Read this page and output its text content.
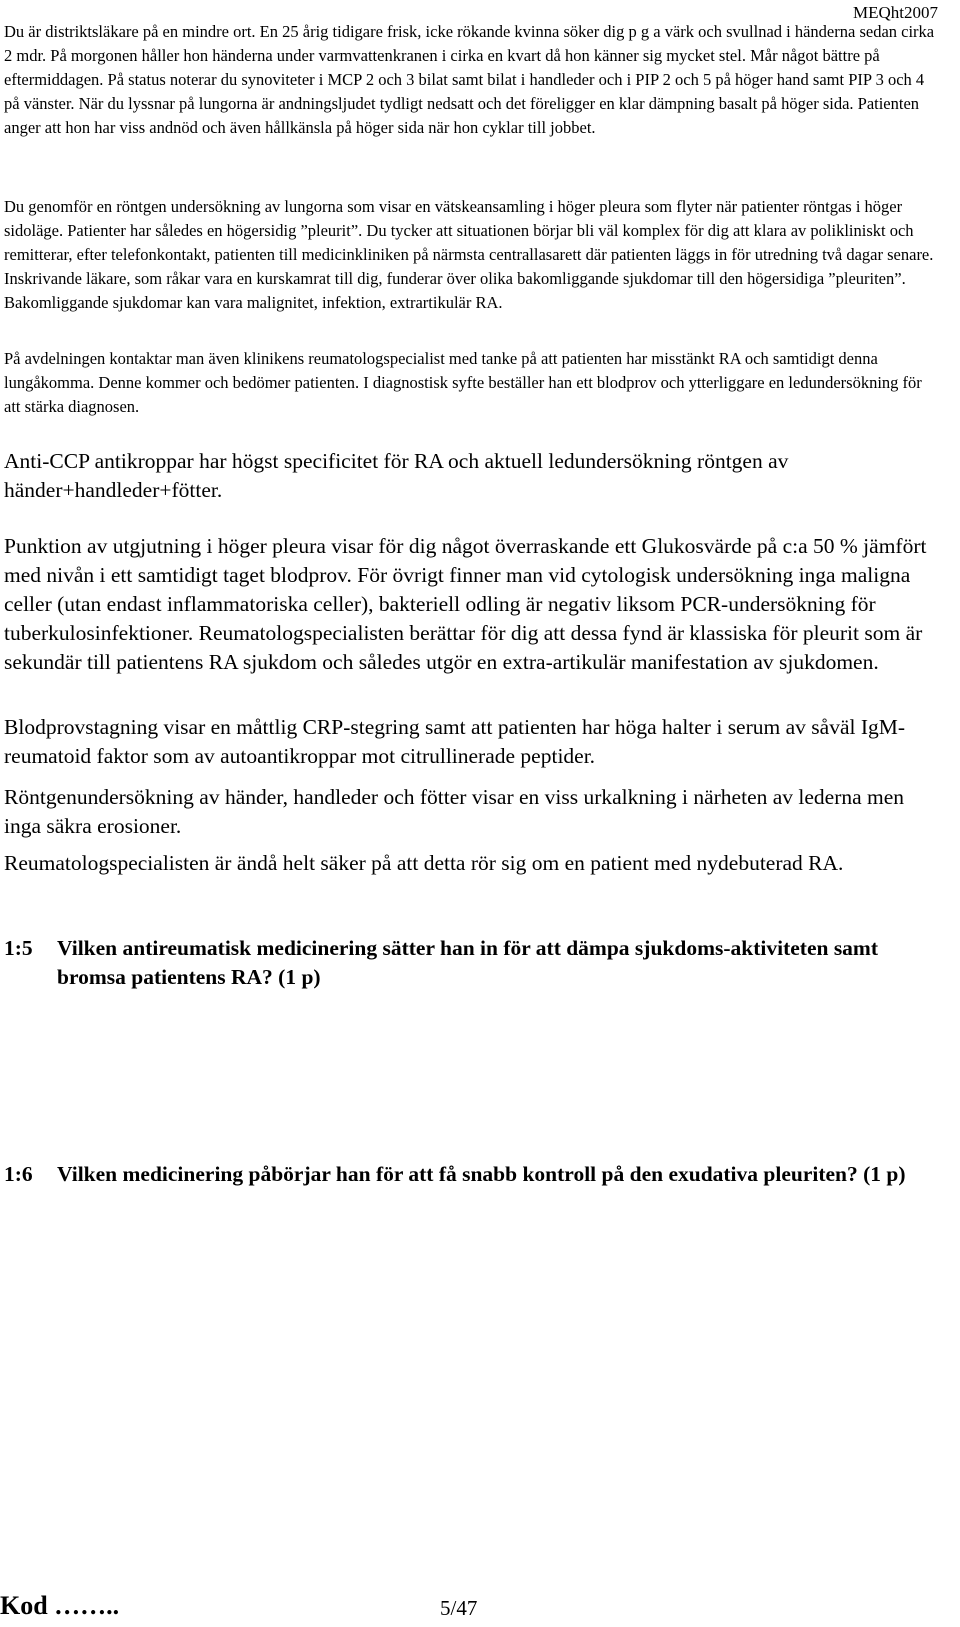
MEQht2007

Du är distriktsläkare på en mindre ort. En 25 årig tidigare frisk, icke rökande kvinna söker dig p g a värk och svullnad i händerna sedan cirka 2 mdr. På morgonen håller hon händerna under varmvattenkranen i cirka en kvart då hon känner sig mycket stel. Mår något bättre på eftermiddagen. På status noterar du synoviteter i MCP 2 och 3 bilat samt bilat i handleder och i PIP 2 och 5 på höger hand samt PIP 3 och 4 på vänster. När du lyssnar på lungorna är andningsljudet tydligt nedsatt och det föreligger en klar dämpning basalt på höger sida. Patienten anger att hon har viss andnöd och även hållkänsla på höger sida när hon cyklar till jobbet.

Du genomför en röntgen undersökning av lungorna som visar en vätskeansamling i höger pleura som flyter när patienter röntgas i höger sidoläge. Patienter har således en högersidig ”pleurit”. Du tycker att situationen börjar bli väl komplex för dig att klara av polikliniskt och remitterar, efter telefonkontakt, patienten till medicinkliniken på närmsta centrallasarett där patienten läggs in för utredning två dagar senare. Inskrivande läkare, som råkar vara en kurskamrat till dig, funderar över olika bakomliggande sjukdomar till den högersidiga ”pleuriten”. Bakomliggande sjukdomar kan vara malignitet, infektion, extrartikulär RA.

På avdelningen kontaktar man även klinikens reumatologspecialist med tanke på att patienten har misstänkt RA och samtidigt denna lungåkomma. Denne kommer och bedömer patienten. I diagnostisk syfte beställer han ett blodprov och ytterliggare en ledundersökning för att stärka diagnosen.

Anti-CCP antikroppar har högst specificitet för RA och aktuell ledundersökning röntgen av händer+handleder+fötter.

Punktion av utgjutning i höger pleura visar för dig något överraskande ett Glukosvärde på c:a 50 % jämfört med nivån i ett samtidigt taget blodprov. För övrigt finner man vid cytologisk undersökning inga maligna celler (utan endast inflammatoriska celler), bakteriell odling är negativ liksom PCR-undersökning för tuberkulosinfektioner. Reumatologspecialisten berättar för dig att dessa fynd är klassiska för pleurit som är sekundär till patientens RA sjukdom och således utgör en extra-artikulär manifestation av sjukdomen.

Blodprovstagning visar en måttlig CRP-stegring samt att patienten har höga halter i serum av såväl IgM-reumatoid faktor som av autoantikroppar mot citrullinerade peptider.

Röntgenundersökning av händer, handleder och fötter visar en viss urkalkning i närheten av lederna men inga säkra erosioner.

Reumatologspecialisten är ändå helt säker på att detta rör sig om en patient med nydebuterad RA.

1:5 Vilken antireumatisk medicinering sätter han in för att dämpa sjukdoms-aktiviteten samt bromsa patientens RA? (1 p)
1:6 Vilken medicinering påbörjar han för att få snabb kontroll på den exudativa pleuriten? (1 p)
Kod ……..	5/47
